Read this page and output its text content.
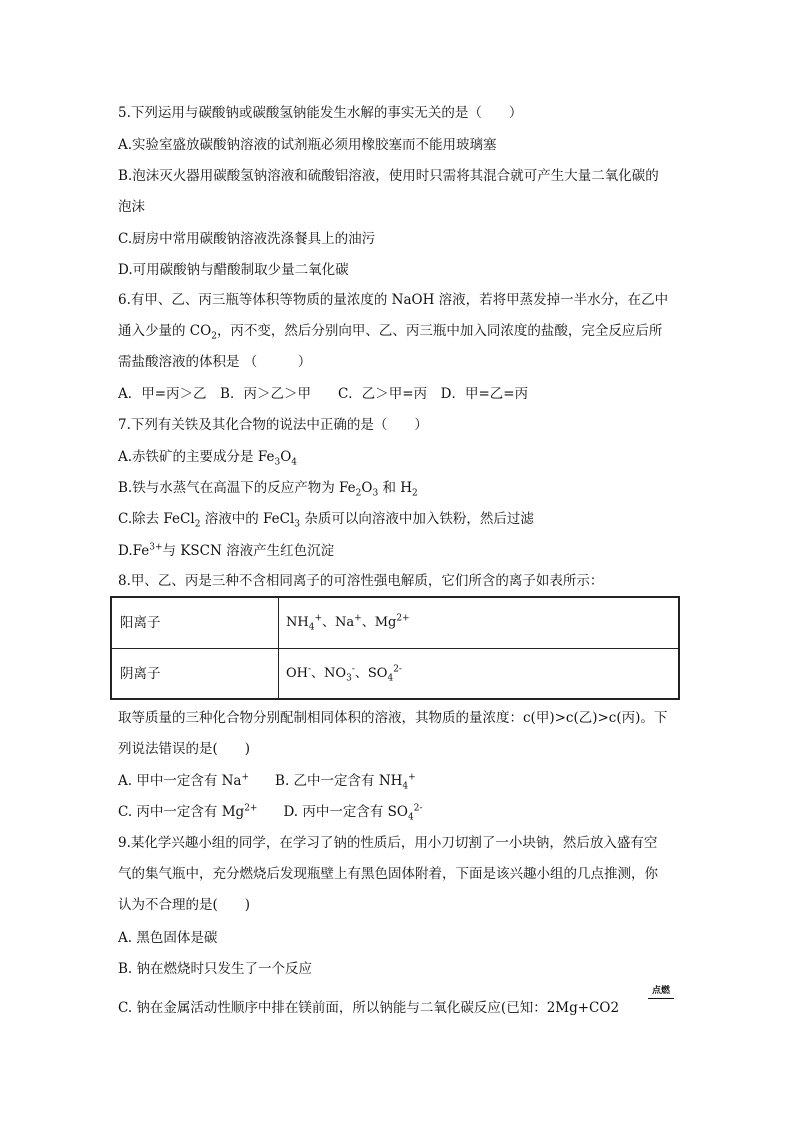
5.下列运用与碳酸钠或碳酸氢钠能发生水解的事实无关的是（　　）
A.实验室盛放碳酸钠溶液的试剂瓶必须用橡胶塞而不能用玻璃塞
B.泡沫灭火器用碳酸氢钠溶液和硫酸铝溶液，使用时只需将其混合就可产生大量二氧化碳的
泡沫
C.厨房中常用碳酸钠溶液洗涤餐具上的油污
D.可用碳酸钠与醋酸制取少量二氧化碳
6.有甲、乙、丙三瓶等体积等物质的量浓度的 NaOH 溶液，若将甲蒸发掉一半水分，在乙中
通入少量的 $CO_2$，丙不变，然后分别向甲、乙、丙三瓶中加入同浓度的盐酸，完全反应后所
需盐酸溶液的体积是 （　　　）
A．甲=丙＞乙　B．丙＞乙＞甲　　C．乙＞甲=丙　D．甲=乙=丙
7.下列有关铁及其化合物的说法中正确的是（　　）
A.赤铁矿的主要成分是 $Fe_3O_4$
B.铁与水蒸气在高温下的反应产物为 $Fe_2O_3$ 和 $H_2$
C.除去 FeCl$_2$ 溶液中的 FeCl$_3$ 杂质可以向溶液中加入铁粉，然后过滤
$D.Fe^{3+}$与 KSCN 溶液产生红色沉淀
8.甲、乙、丙是三种不含相同离子的可溶性强电解质，它们所含的离子如表所示：
阳离子	$NH_4^+$、Na+、$Mg^{2+}$
阴离子	OH-、$NO_3^-$、$SO_4^{2-}$
取等质量的三种化合物分别配制相同体积的溶液，其物质的量浓度：c(甲)>c(乙)>c(丙)。下
列说法错误的是(　　)
A. 甲中一定含有 Na+ B. 乙中一定含有 $NH_4^+$
C. 丙中一定含有 $Mg^{2+}$ D. 丙中一定含有 $SO_4^{2-}$
9.某化学兴趣小组的同学，在学习了钠的性质后，用小刀切割了一小块钠，然后放入盛有空
气的集气瓶中，充分燃烧后发现瓶壁上有黑色固体附着，下面是该兴趣小组的几点推测，你
认为不合理的是(　　)
A. 黑色固体是碳
B. 钠在燃烧时只发生了一个反应
C. 钠在金属活动性顺序中排在镁前面，所以钠能与二氧化碳反应(已知：2Mg+CO2
点燃
